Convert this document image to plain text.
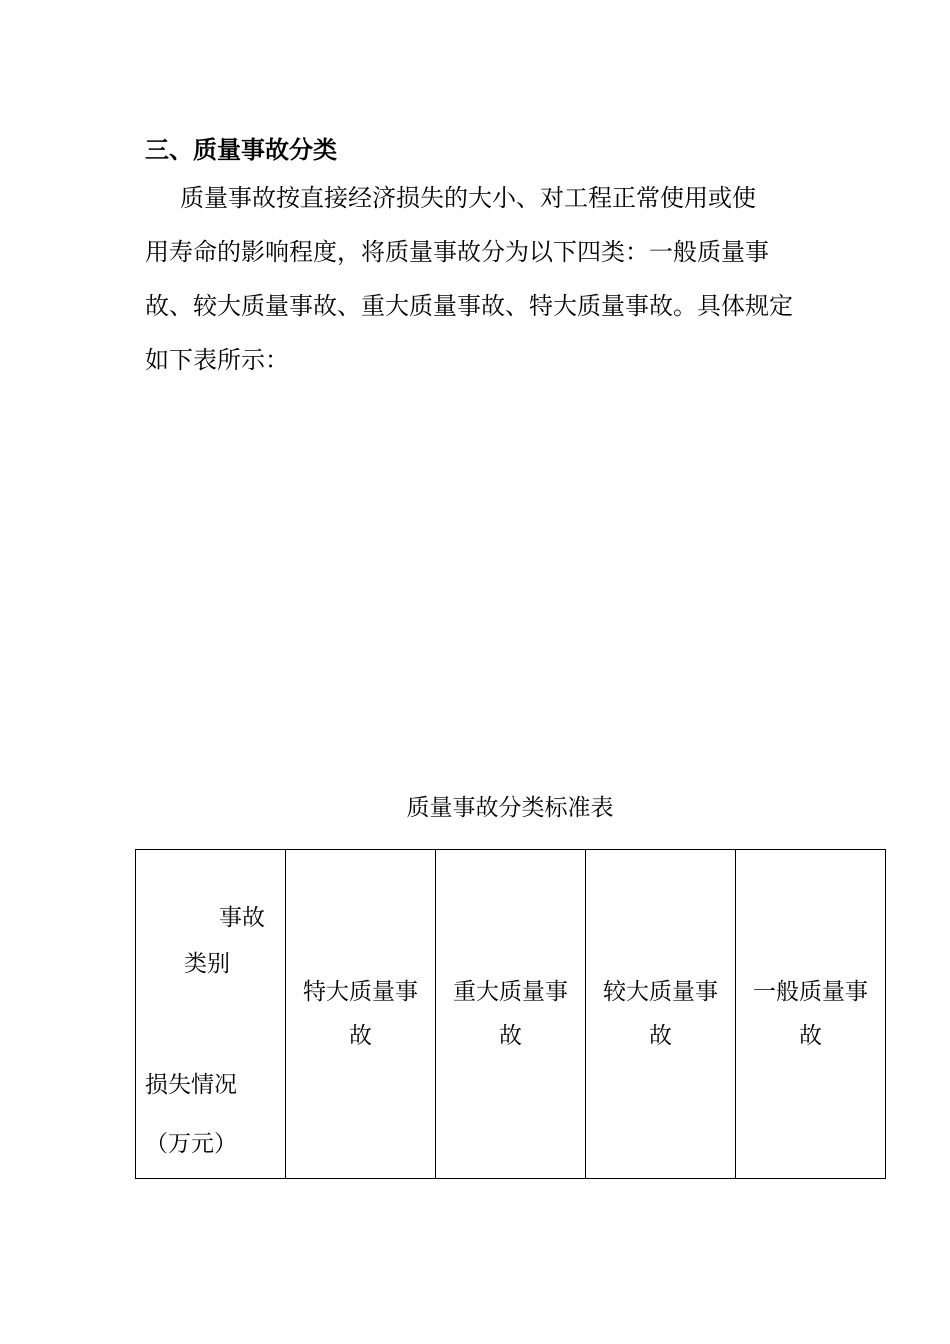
三、质量事故分类
质量事故按直接经济损失的大小、对工程正常使用或使
用寿命的影响程度，将质量事故分为以下四类：一般质量事
故、较大质量事故、重大质量事故、特大质量事故。具体规定
如下表所示：
质量事故分类标准表
事故
类别
损失情况
（万元）

特大质量事
故

重大质量事
故

较大质量事
故

一般质量事
故
